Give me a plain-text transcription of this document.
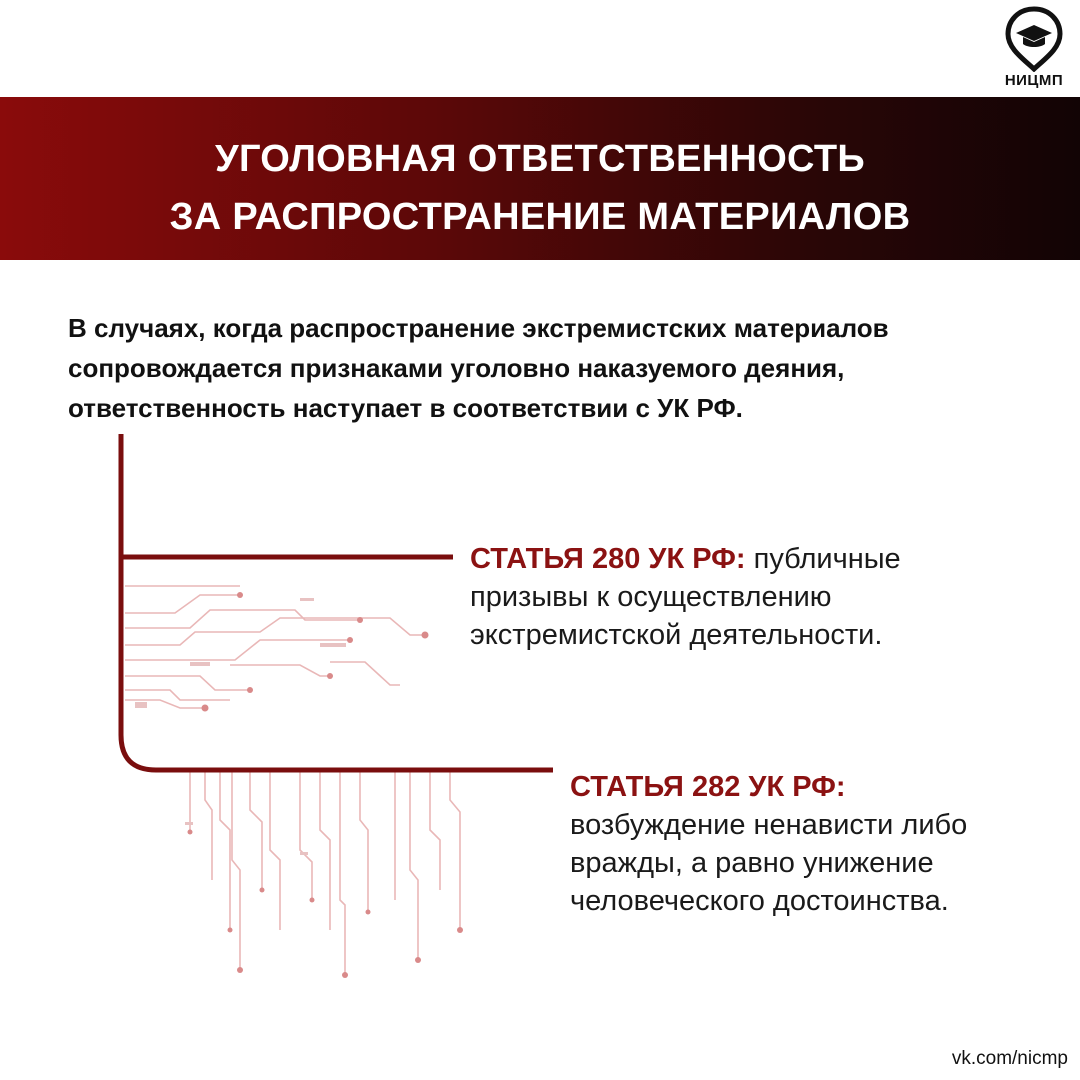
НИЦМП
УГОЛОВНАЯ ОТВЕТСТВЕННОСТЬ
ЗА РАСПРОСТРАНЕНИЕ МАТЕРИАЛОВ
В случаях, когда распространение экстремистских материалов
сопровождается признаками уголовно наказуемого деяния,
ответственность наступает в соответствии с УК РФ.
СТАТЬЯ 280 УК РФ: публичные
призывы к осуществлению
экстремистской деятельности.
СТАТЬЯ 282 УК РФ:
возбуждение ненависти либо
вражды, а равно унижение
человеческого достоинства.
vk.com/nicmp
